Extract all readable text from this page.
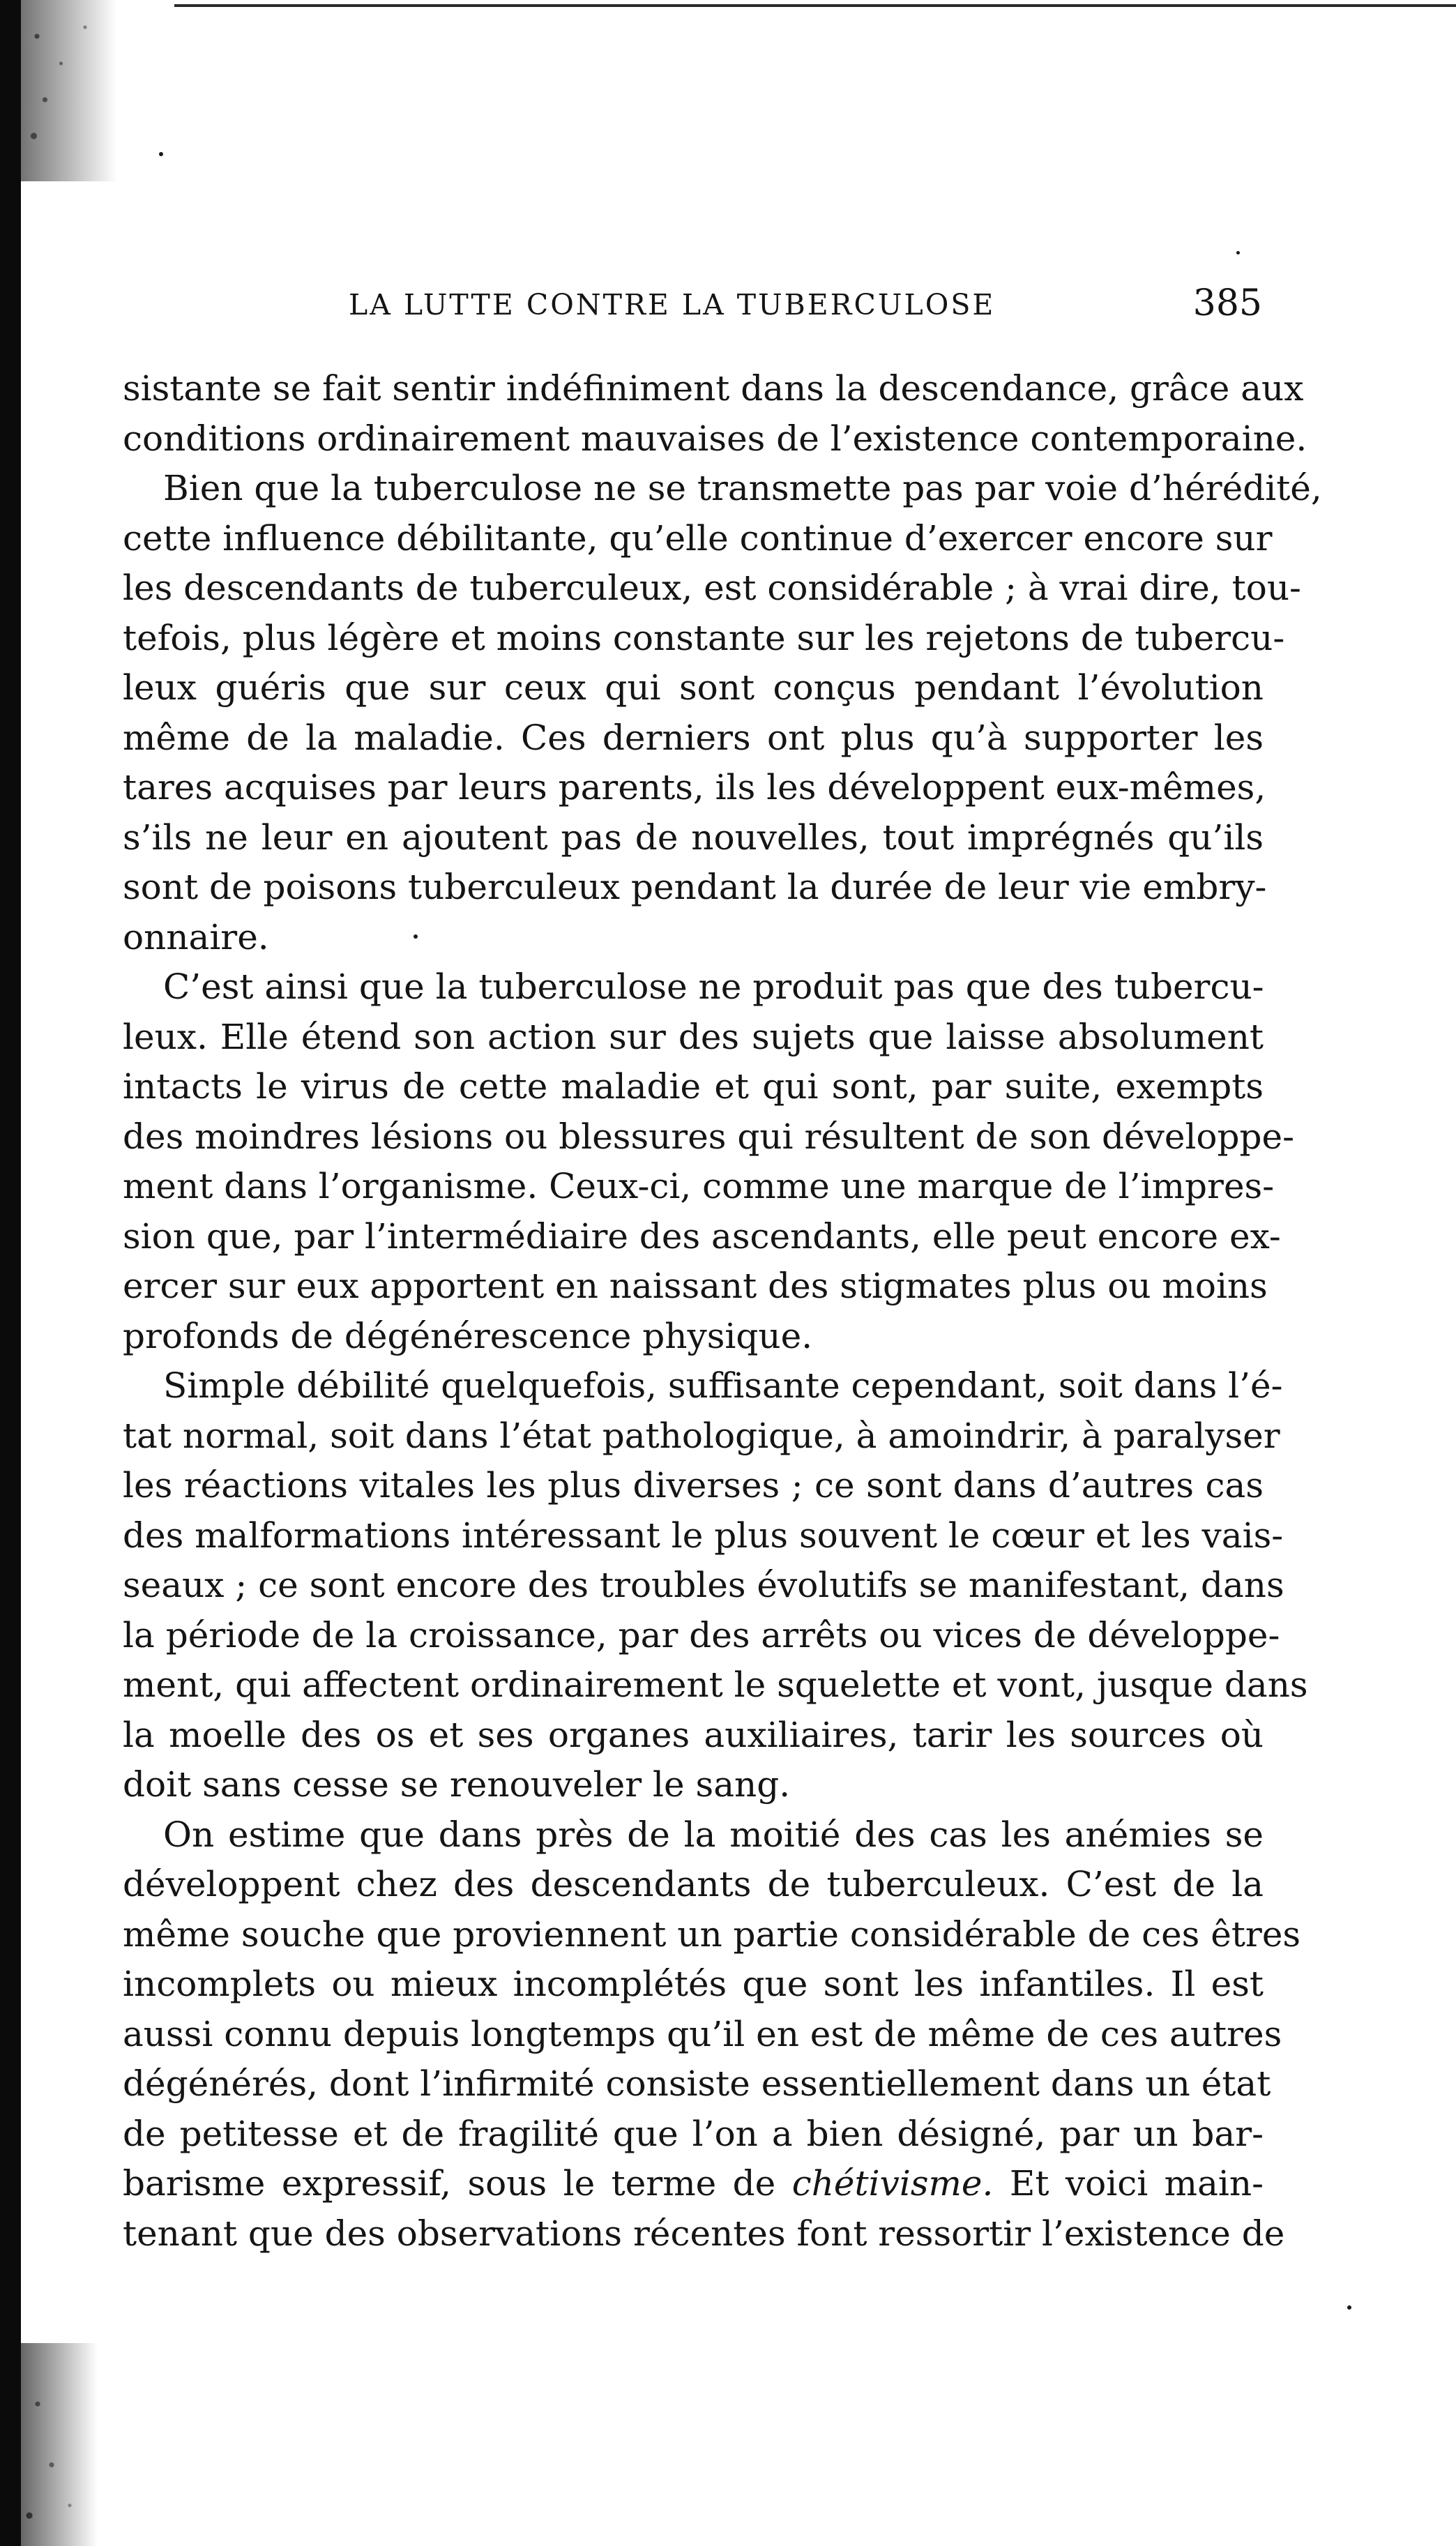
LA LUTTE CONTRE LA TUBERCULOSE	385
sistante se fait sentir indéfiniment dans la descendance, grâce aux
conditions ordinairement mauvaises de l’existence contemporaine.
Bien que la tuberculose ne se transmette pas par voie d’hérédité,
cette influence débilitante, qu’elle continue d’exercer encore sur
les descendants de tuberculeux, est considérable ; à vrai dire, tou-
tefois, plus légère et moins constante sur les rejetons de tubercu-
leux guéris que sur ceux qui sont conçus pendant l’évolution
même de la maladie. Ces derniers ont plus qu’à supporter les
tares acquises par leurs parents, ils les développent eux-mêmes,
s’ils ne leur en ajoutent pas de nouvelles, tout imprégnés qu’ils
sont de poisons tuberculeux pendant la durée de leur vie embry-
onnaire.
C’est ainsi que la tuberculose ne produit pas que des tubercu-
leux. Elle étend son action sur des sujets que laisse absolument
intacts le virus de cette maladie et qui sont, par suite, exempts
des moindres lésions ou blessures qui résultent de son développe-
ment dans l’organisme. Ceux-ci, comme une marque de l’impres-
sion que, par l’intermédiaire des ascendants, elle peut encore ex-
ercer sur eux apportent en naissant des stigmates plus ou moins
profonds de dégénérescence physique.
Simple débilité quelquefois, suffisante cependant, soit dans l’é-
tat normal, soit dans l’état pathologique, à amoindrir, à paralyser
les réactions vitales les plus diverses ; ce sont dans d’autres cas
des malformations intéressant le plus souvent le cœur et les vais-
seaux ; ce sont encore des troubles évolutifs se manifestant, dans
la période de la croissance, par des arrêts ou vices de développe-
ment, qui affectent ordinairement le squelette et vont, jusque dans
la moelle des os et ses organes auxiliaires, tarir les sources où
doit sans cesse se renouveler le sang.
On estime que dans près de la moitié des cas les anémies se
développent chez des descendants de tuberculeux. C’est de la
même souche que proviennent un partie considérable de ces êtres
incomplets ou mieux incomplétés que sont les infantiles. Il est
aussi connu depuis longtemps qu’il en est de même de ces autres
dégénérés, dont l’infirmité consiste essentiellement dans un état
de petitesse et de fragilité que l’on a bien désigné, par un bar-
barisme expressif, sous le terme de chétivisme. Et voici main-
tenant que des observations récentes font ressortir l’existence de
